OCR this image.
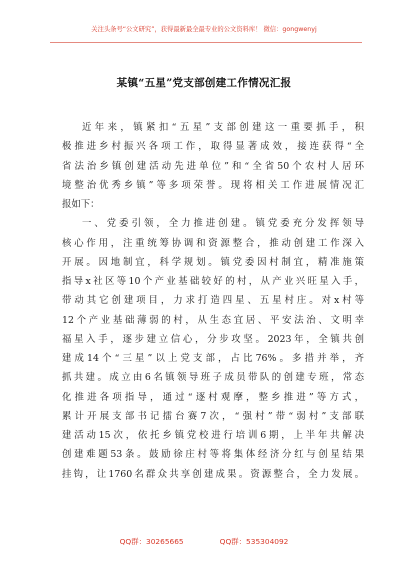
关注头条号“公文研究”，获得最新最全最专业的公文资料库！ 微信：gongwenyj
某镇“五星”党支部创建工作情况汇报
近年来，镇紧扣“五星”支部创建这一重要抓手，积
极推进乡村振兴各项工作，取得显著成效，接连获得“全
省法治乡镇创建活动先进单位”和“全省50个农村人居环
境整治优秀乡镇”等多项荣誉。现将相关工作进展情况汇
报如下：
一、党委引领，全力推进创建。镇党委充分发挥领导
核心作用，注重统筹协调和资源整合，推动创建工作深入
开展。因地制宜，科学规划。镇党委因村制宜，精准施策
指导x社区等10个产业基础较好的村，从产业兴旺星入手，
带动其它创建项目，力求打造四星、五星村庄。对x村等
12个产业基础薄弱的村，从生态宜居、平安法治、文明幸
福星入手，逐步建立信心，分步攻坚。2023年，全镇共创
建成14个“三星”以上党支部，占比76%。多措并举，齐
抓共建。成立由6名镇领导班子成员带队的创建专班，常态
化推进各项指导，通过“逐村观摩，整乡推进”等方式，
累计开展支部书记擂台赛7次，“强村”带“弱村”支部联
建活动15次，依托乡镇党校进行培训6期，上半年共解决
创建难题53条。鼓励徐庄村等将集体经济分红与创星结果
挂钩，让1760名群众共享创建成果。资源整合，全力发展。
QQ群：30265665	QQ群：535304092
